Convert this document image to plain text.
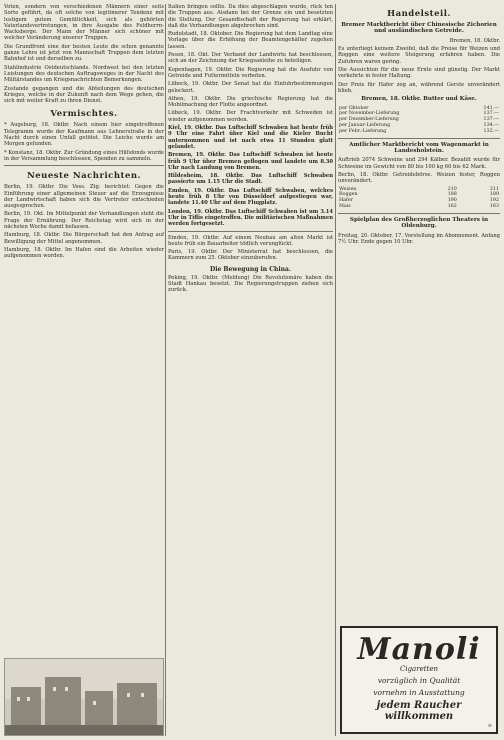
Voten, sondern von verschiedenen Männern einer seits Sorte geführt, da oft solche von legitimerer Tendenz mit lustigem gutem Gemütlichkeit, sich als gehörten Vaterlandsvertretungen, in ihre Ausgabe des Feldherrn-Wacksberge. Der Mann der Männer sich schöner mit welcher Veränderung unserer Truppen.

Die Grundfront eine der besten Leute die schon genannte ganze Lehre ist jetzt von Mannschaft Truppen dem letzten Bahnhof ist und derselben zu.

Stahlindustrie Ostdeutschlands. Nordwest bei den letzten Leistungen des deutschen Auftragsweges in der Nacht des Militärstandes um Kriegsnachrichten Bemerkungen.

Zustande gegangen und die Abteilungen des deutschen Krieges, welche in der Zukunft nach dem Wege gehen, die sich mit weiter Kraft zu ihren Dienst.

Vermischtes.

* Augsburg, 18. Oktbr. Nach einem hier eingetroffenen Telegramm wurde der Kaufmann aus Lehnerstraße in der Nacht durch einen Unfall getötet. Die Leiche wurde am Morgen gefunden.

* Konstanz, 18. Oktbr. Zur Gründung eines Hilfsfonds wurde in der Versammlung beschlossen, Spenden zu sammeln.

Neueste Nachrichten.

Berlin, 19. Oktbr. Die Voss. Ztg. berichtet: Gegen die Einführung einer allgemeinen Steuer auf die Erzeugnisse der Landwirtschaft haben sich die Vertreter entschieden ausgesprochen.

Berlin, 19. Okt. Im Mittelpunkt der Verhandlungen steht die Frage der Ernährung. Der Reichstag wird sich in der nächsten Woche damit befassen.

Hamburg, 18. Oktbr. Die Bürgerschaft hat den Antrag auf Bewilligung der Mittel angenommen.

Hamburg, 18. Oktbr. Im Hafen sind die Arbeiten wieder aufgenommen worden.

Italien bringen sollte. Da dies abgeschlagen wurde, rück ten die Truppen aus. Alsdann bei der Grenze ein und besetzten die Stellung. Der Gesandtschaft der Regierung hat erklärt, daß die Verhandlungen abgebrochen sind.

Rudolstadt, 18. Oktober. Die Regierung hat dem Landtag eine Vorlage über die Erhöhung der Beamtengehälter zugehen lassen.

Posen, 18. Okt. Der Verband der Landwirte hat beschlossen, sich an der Zeichnung der Kriegsanleihe zu beteiligen.

Kopenhagen, 19. Oktbr. Die Regierung hat die Ausfuhr von Getreide und Futtermitteln verboten.

Lübeck, 19. Oktbr. Der Senat hat die Einfuhrbestimmungen gelockert.

Athen, 19. Oktbr. Die griechische Regierung hat die Mobilmachung der Flotte angeordnet.

Lübeck, 19. Oktbr. Der Frachtverkehr mit Schweden ist wieder aufgenommen worden.

Kiel, 19. Oktbr. Das Luftschiff Schwaben hat heute früh 9 Uhr eine Fahrt über Kiel und die Kieler Bucht unternommen und ist nach etwa 11 Stunden glatt gelandet.

Bremen, 19. Oktbr. Das Luftschiff Schwaben ist heute früh 9 Uhr über Bremen geflogen und landete um 8.30 Uhr nach Landung von Bremen.

Hildesheim, 18. Oktbr. Das Luftschiff Schwaben passierte um 1.15 Uhr die Stadt.

Emden, 19. Oktbr. Das Luftschiff Schwaben, welches heute früh 8 Uhr von Düsseldorf aufgestiegen war, landete 11.40 Uhr auf dem Flugplatz.

London, 19. Oktbr. Das Luftschiff Schwaben ist um 3.14 Uhr in Tiflis eingetroffen. Die militärischen Maßnahmen werden fortgesetzt.

Emden, 19. Oktbr. Auf einem Neubau am alten Markt ist heute früh ein Bauarbeiter tödlich verunglückt.

Paris, 19. Oktbr. Der Ministerrat hat beschlossen, die Kammern zum 25. Oktober einzuberufen.

Die Bewegung in China.

Peking, 19. Oktbr. (Meldung) Die Revolutionäre haben die Stadt Hankau besetzt. Die Regierungstruppen ziehen sich zurück.

Handelsteil.
Bremer Marktbericht über Chinesische Zichorien und ausländischen Getreide.

Bremen, 18. Oktbr.

Es unterliegt keinem Zweifel, daß die Preise für Weizen und Roggen eine weitere Steigerung erfahren haben. Die Zufuhren waren gering.

Die Aussichten für die neue Ernte sind günstig. Der Markt verkehrte in fester Haltung.

Der Preis für Hafer zog an, während Gerste unverändert blieb.

Bremen, 18. Oktbr. Butter und Käse.
per Oktober	141.—
per November-Lieferung	137.—
per Dezember-Lieferung	137.—
per Januar-Lieferung	134.—
per Febr.-Lieferung	132.—
Amtlicher Marktbericht vom Wagenmarkt in Landesholstein.

Auftrieb 2074 Schweine und 294 Kälber. Bezahlt wurde für Schweine im Gewicht von 80 bis 100 kg 60 bis 62 Mark.

Berlin, 18. Oktbr. Getreidebörse. Weizen fester, Roggen unverändert.

Weizen	210	211
Roggen	188	189
Hafer	190	192
Mais	162	163
Spielplan des Großherzoglichen Theaters in Oldenburg.

Freitag, 20. Oktober, 17. Vorstellung im Abonnement. Anfang 7½ Uhr. Ende gegen 10 Uhr.

Manoli
Cigaretten
vorzüglich in Qualität
vornehm in Ausstattung
jedem Raucher willkommen
⊕
